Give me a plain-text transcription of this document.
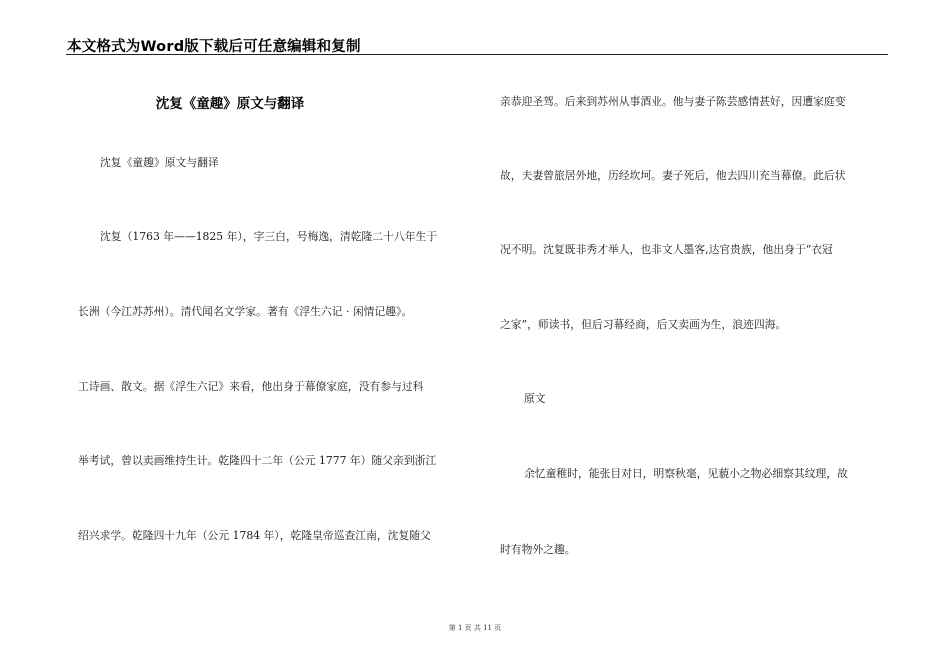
本文格式为Word版下载后可任意编辑和复制
沈复《童趣》原文与翻译
沈复《童趣》原文与翻译
沈复（1763 年——1825 年），字三白，号梅逸，清乾隆二十八年生于
长洲（今江苏苏州）。清代闻名文学家。著有《浮生六记 · 闲情记趣》。
工诗画、散文。据《浮生六记》来看，他出身于幕僚家庭，没有参与过科
举考试，曾以卖画维持生计。乾隆四十二年（公元 1777 年）随父亲到浙江
绍兴求学。乾隆四十九年（公元 1784 年），乾隆皇帝巡查江南，沈复随父
亲恭迎圣驾。后来到苏州从事酒业。他与妻子陈芸感情甚好，因遭家庭变
故，夫妻曾旅居外地，历经坎坷。妻子死后，他去四川充当幕僚。此后状
况不明。沈复既非秀才举人，也非文人墨客,达官贵族，他出身于“衣冠
之家”，师读书，但后习幕经商，后又卖画为生，浪迹四海。
原文
余忆童稚时，能张目对日，明察秋毫，见藐小之物必细察其纹理，故
时有物外之趣。
第 1 页 共 11 页
